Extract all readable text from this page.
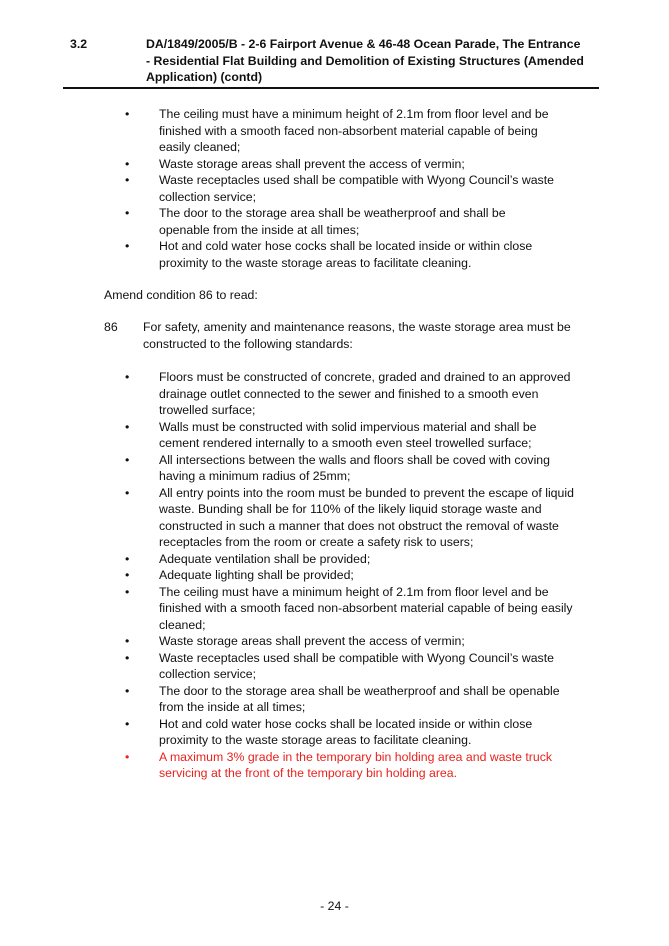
3.2	DA/1849/2005/B - 2-6 Fairport Avenue & 46-48 Ocean Parade, The Entrance - Residential Flat Building and Demolition of Existing Structures (Amended Application) (contd)
•	The ceiling must have a minimum height of 2.1m from floor level and be finished with a smooth faced non-absorbent material capable of being easily cleaned;
•	Waste storage areas shall prevent the access of vermin;
•	Waste receptacles used shall be compatible with Wyong Council’s waste collection service;
•	The door to the storage area shall be weatherproof and shall be openable from the inside at all times;
•	Hot and cold water hose cocks shall be located inside or within close proximity to the waste storage areas to facilitate cleaning.
Amend condition 86 to read:
86	For safety, amenity and maintenance reasons, the waste storage area must be constructed to the following standards:
•	Floors must be constructed of concrete, graded and drained to an approved drainage outlet connected to the sewer and finished to a smooth even trowelled surface;
•	Walls must be constructed with solid impervious material and shall be cement rendered internally to a smooth even steel trowelled surface;
•	All intersections between the walls and floors shall be coved with coving having a minimum radius of 25mm;
•	All entry points into the room must be bunded to prevent the escape of liquid waste. Bunding shall be for 110% of the likely liquid storage waste and constructed in such a manner that does not obstruct the removal of waste receptacles from the room or create a safety risk to users;
•	Adequate ventilation shall be provided;
•	Adequate lighting shall be provided;
•	The ceiling must have a minimum height of 2.1m from floor level and be finished with a smooth faced non-absorbent material capable of being easily cleaned;
•	Waste storage areas shall prevent the access of vermin;
•	Waste receptacles used shall be compatible with Wyong Council’s waste collection service;
•	The door to the storage area shall be weatherproof and shall be openable from the inside at all times;
•	Hot and cold water hose cocks shall be located inside or within close proximity to the waste storage areas to facilitate cleaning.
•	A maximum 3% grade in the temporary bin holding area and waste truck servicing at the front of the temporary bin holding area.
- 24 -
